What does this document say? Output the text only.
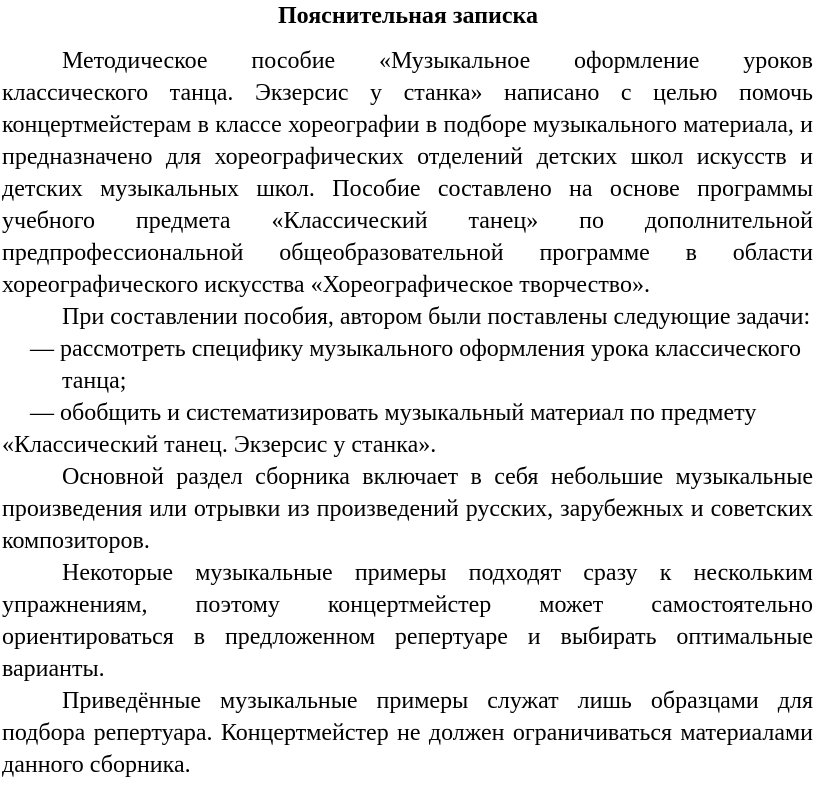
Пояснительная записка

Методическое пособие «Музыкальное оформление уроков классического танца. Экзерсис у станка» написано с целью помочь концертмейстерам в классе хореографии в подборе музыкального материала, и предназначено для хореографических отделений детских школ искусств и детских музыкальных школ. Пособие составлено на основе программы учебного предмета «Классический танец» по дополнительной предпрофессиональной общеобразовательной программе в области хореографического искусства «Хореографическое творчество».

При составлении пособия, автором были поставлены следующие задачи:

— рассмотреть специфику музыкального оформления урока классического танца;

— обобщить и систематизировать музыкальный материал по предмету

«Классический танец. Экзерсис у станка».

Основной раздел сборника включает в себя небольшие музыкальные произведения или отрывки из произведений русских, зарубежных и советских композиторов.

Некоторые музыкальные примеры подходят сразу к нескольким упражнениям, поэтому концертмейстер может самостоятельно ориентироваться в предложенном репертуаре и выбирать оптимальные варианты.

Приведённые музыкальные примеры служат лишь образцами для подбора репертуара. Концертмейстер не должен ограничиваться материалами данного сборника.
